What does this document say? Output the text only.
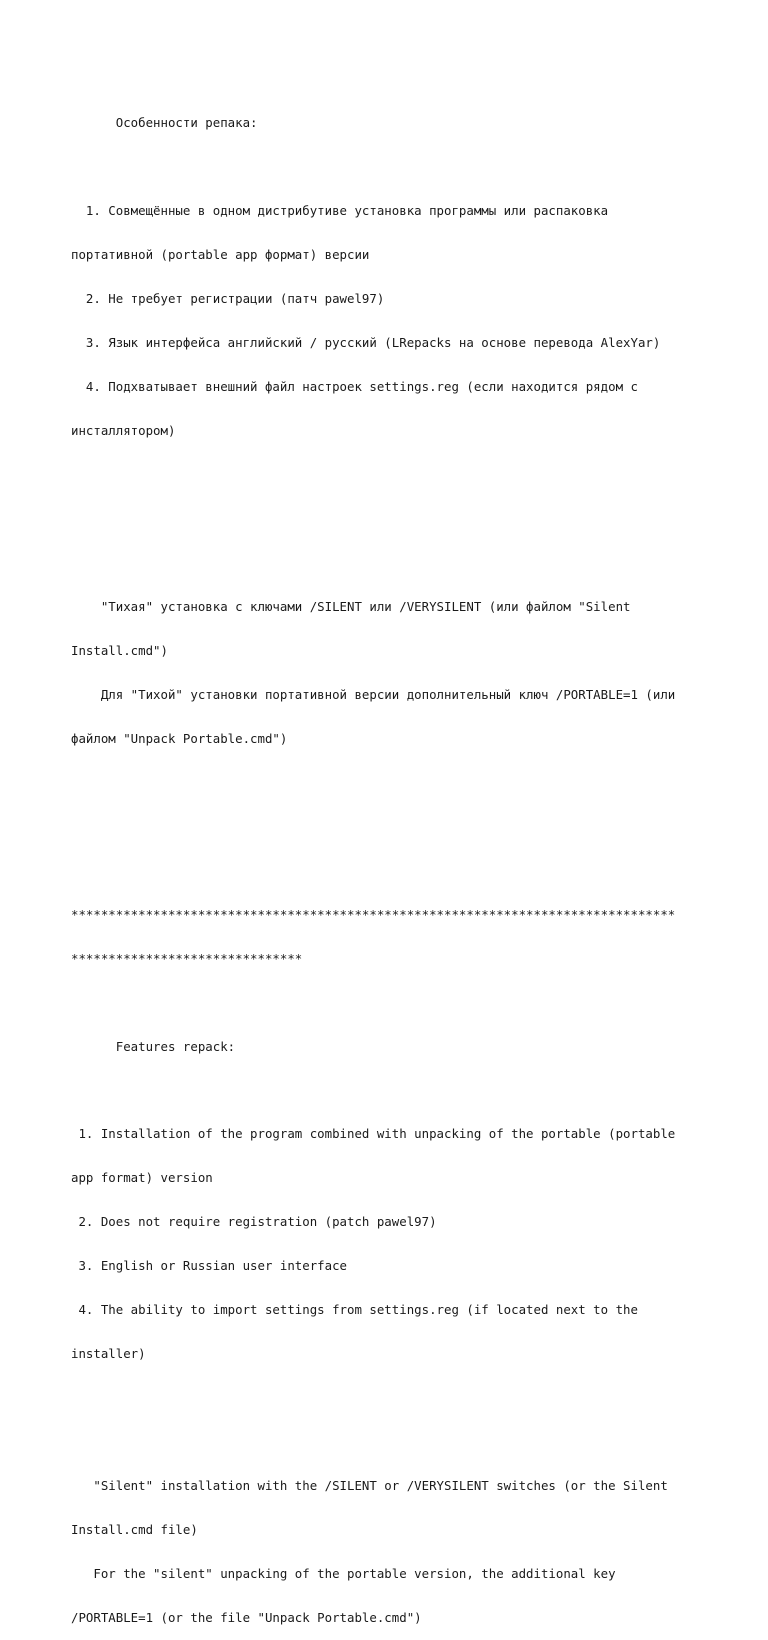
Особенности репака:

1. Совмещённые в одном дистрибутиве установка программы или распаковка

портативной (portable app формат) версии

2. Не требует регистрации (патч pawel97)

3. Язык интерфейса английский / русский (LRepacks на основе перевода AlexYar)

4. Подхватывает внешний файл настроек settings.reg (если находится рядом с

инсталлятором)

"Тихая" установка с ключами /SILENT или /VERYSILENT (или файлом "Silent

Install.cmd")

Для "Тихой" установки портативной версии дополнительный ключ /PORTABLE=1 (или

файлом "Unpack Portable.cmd")

*********************************************************************************

*******************************

Features repack:

1. Installation of the program combined with unpacking of the portable (portable

app format) version

2. Does not require registration (patch pawel97)

3. English or Russian user interface

4. The ability to import settings from settings.reg (if located next to the

installer)

"Silent" installation with the /SILENT or /VERYSILENT switches (or the Silent

Install.cmd file)

For the "silent" unpacking of the portable version, the additional key

/PORTABLE=1 (or the file "Unpack Portable.cmd")
